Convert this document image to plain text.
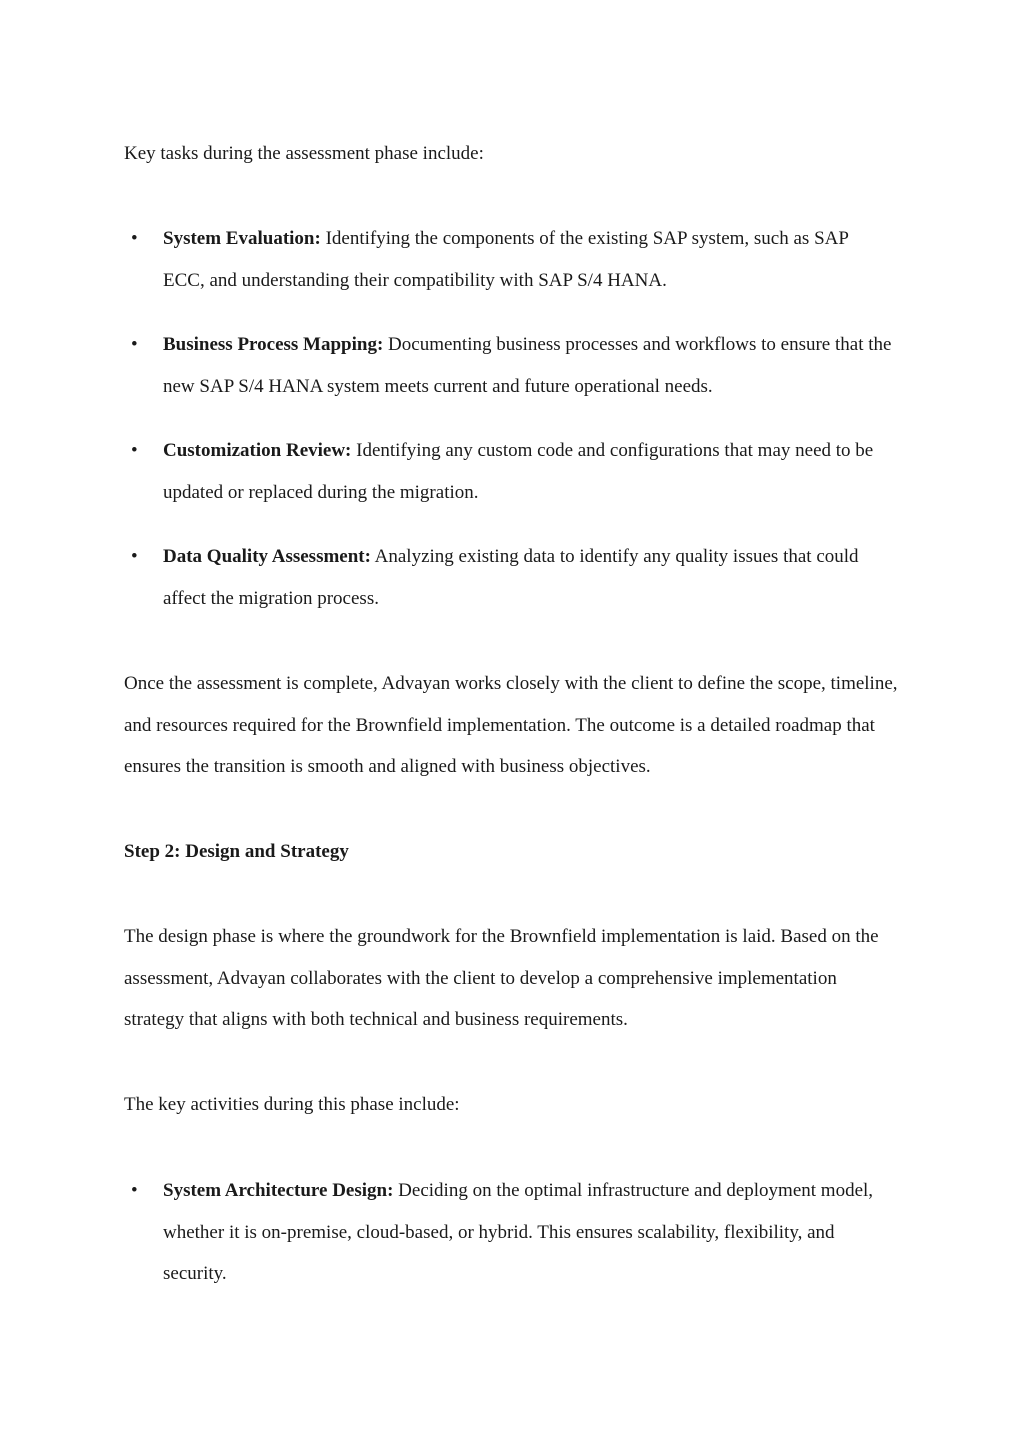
Key tasks during the assessment phase include:

• System Evaluation: Identifying the components of the existing SAP system, such as SAP ECC, and understanding their compatibility with SAP S/4 HANA.
• Business Process Mapping: Documenting business processes and workflows to ensure that the new SAP S/4 HANA system meets current and future operational needs.
• Customization Review: Identifying any custom code and configurations that may need to be updated or replaced during the migration.
• Data Quality Assessment: Analyzing existing data to identify any quality issues that could affect the migration process.

Once the assessment is complete, Advayan works closely with the client to define the scope, timeline, and resources required for the Brownfield implementation. The outcome is a detailed roadmap that ensures the transition is smooth and aligned with business objectives.

Step 2: Design and Strategy

The design phase is where the groundwork for the Brownfield implementation is laid. Based on the assessment, Advayan collaborates with the client to develop a comprehensive implementation strategy that aligns with both technical and business requirements.

The key activities during this phase include:

• System Architecture Design: Deciding on the optimal infrastructure and deployment model, whether it is on-premise, cloud-based, or hybrid. This ensures scalability, flexibility, and security.
